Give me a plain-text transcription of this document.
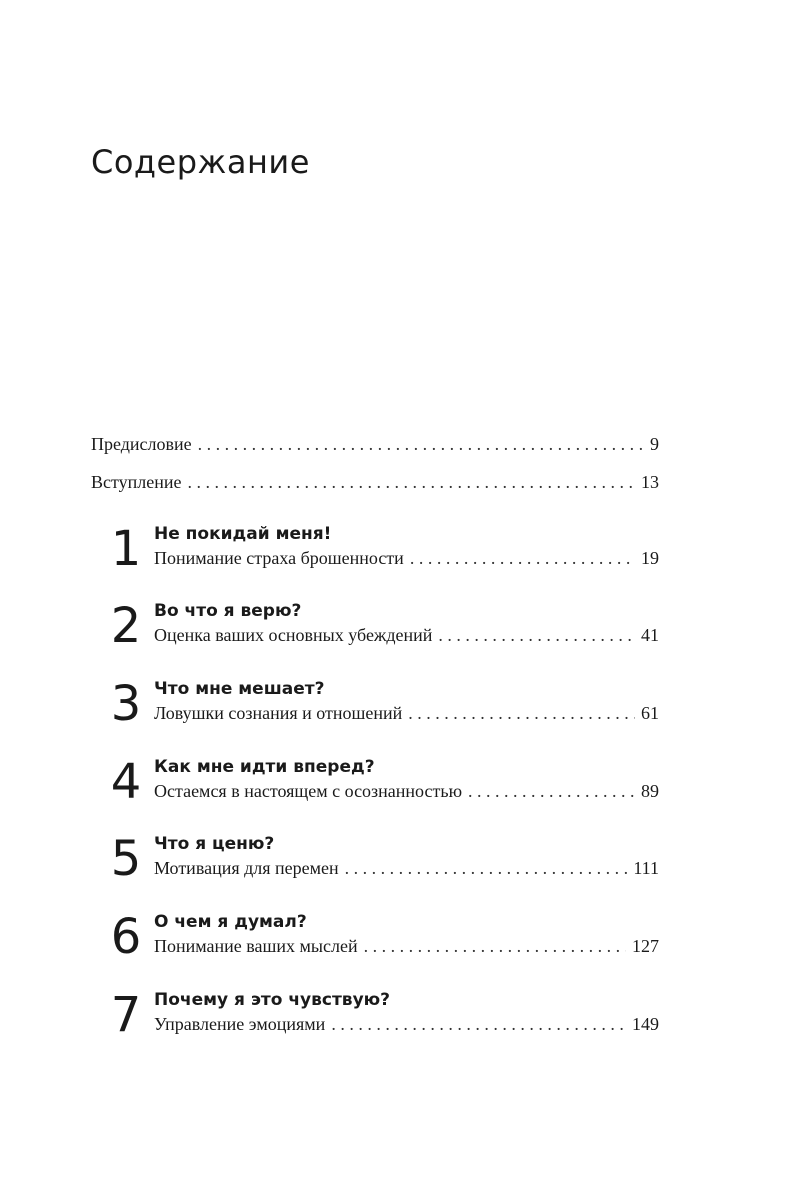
Содержание
Предисловие . . .	9
Вступление . . .	13
1 Не покидай меня!
Понимание страха брошенности . . .	19
2 Во что я верю?
Оценка ваших основных убеждений . . .	41
3 Что мне мешает?
Ловушки сознания и отношений . . .	61
4 Как мне идти вперед?
Остаемся в настоящем с осознанностью . . .	89
5 Что я ценю?
Мотивация для перемен . . .	111
6 О чем я думал?
Понимание ваших мыслей . . .	127
7 Почему я это чувствую?
Управление эмоциями . . .	149
